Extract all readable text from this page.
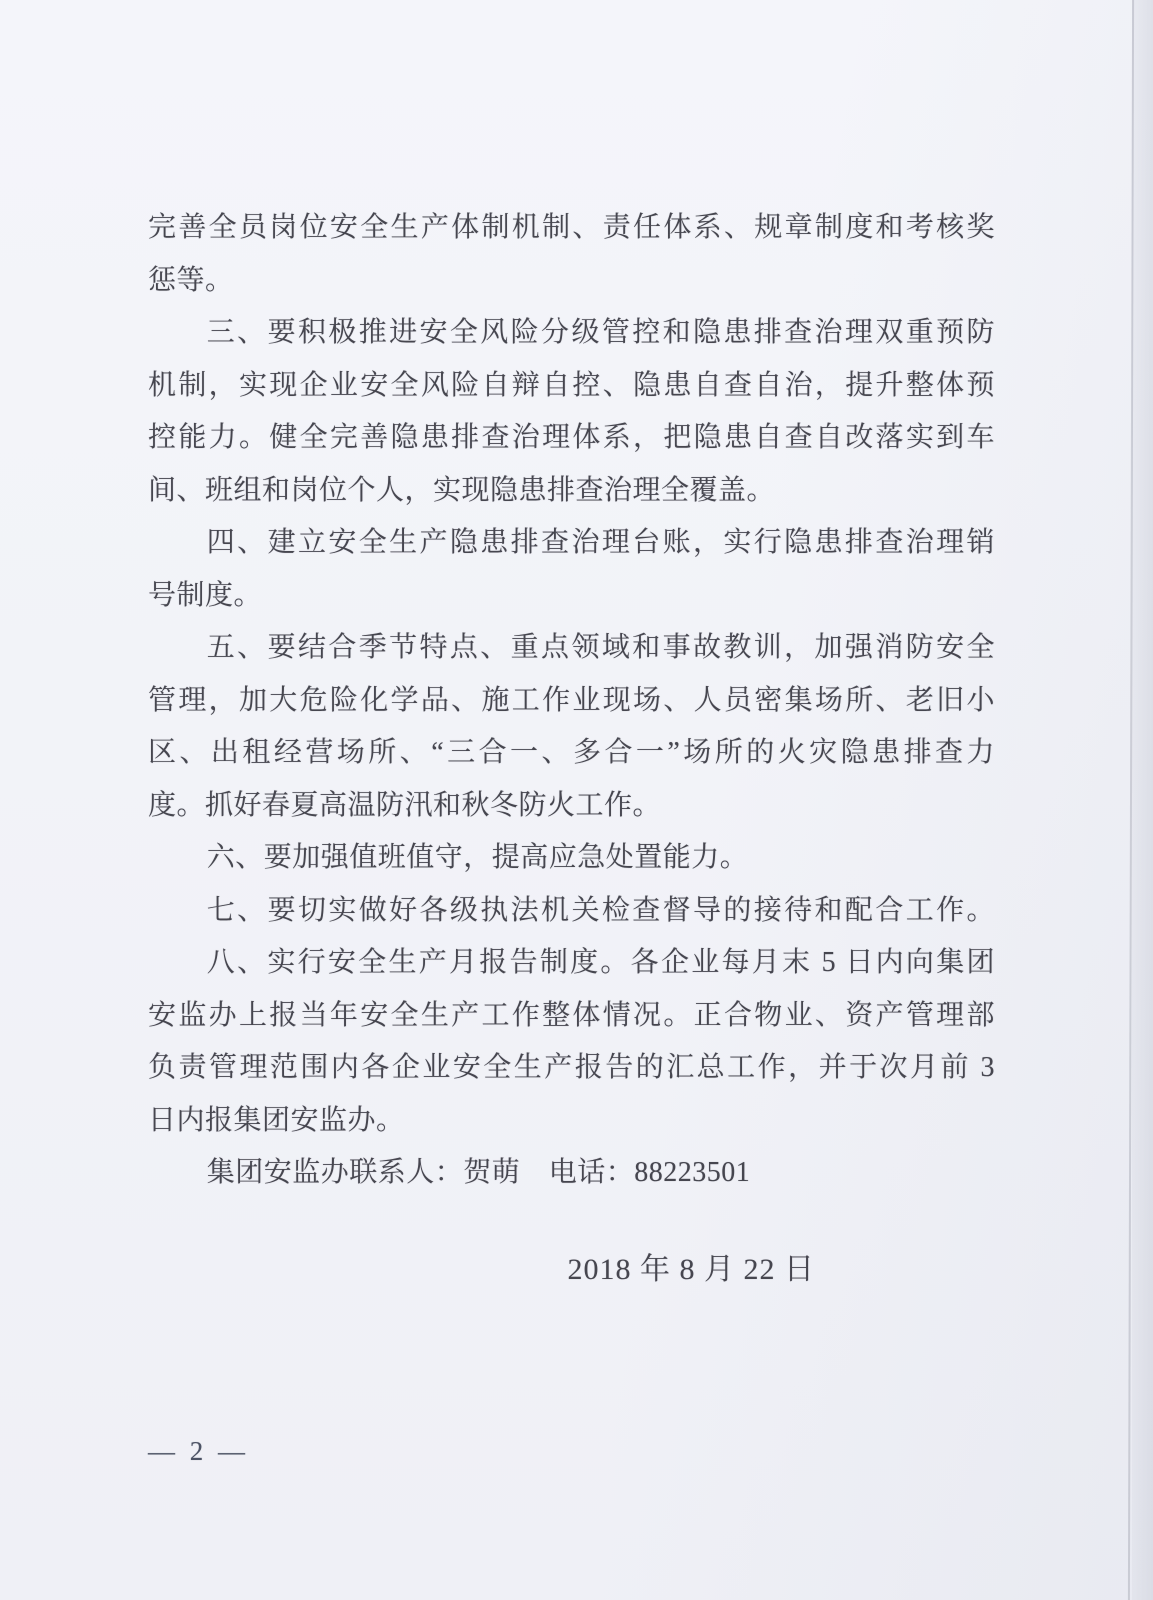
完善全员岗位安全生产体制机制、责任体系、规章制度和考核奖
惩等。
三、要积极推进安全风险分级管控和隐患排查治理双重预防
机制，实现企业安全风险自辩自控、隐患自查自治，提升整体预
控能力。健全完善隐患排查治理体系，把隐患自查自改落实到车
间、班组和岗位个人，实现隐患排查治理全覆盖。
四、建立安全生产隐患排查治理台账，实行隐患排查治理销
号制度。
五、要结合季节特点、重点领域和事故教训，加强消防安全
管理，加大危险化学品、施工作业现场、人员密集场所、老旧小
区、出租经营场所、“三合一、多合一”场所的火灾隐患排查力
度。抓好春夏高温防汛和秋冬防火工作。
六、要加强值班值守，提高应急处置能力。
七、要切实做好各级执法机关检查督导的接待和配合工作。
八、实行安全生产月报告制度。各企业每月末 5 日内向集团
安监办上报当年安全生产工作整体情况。正合物业、资产管理部
负责管理范围内各企业安全生产报告的汇总工作，并于次月前 3
日内报集团安监办。
集团安监办联系人：贺萌　电话：88223501
2018 年 8 月 22 日
— 2 —
